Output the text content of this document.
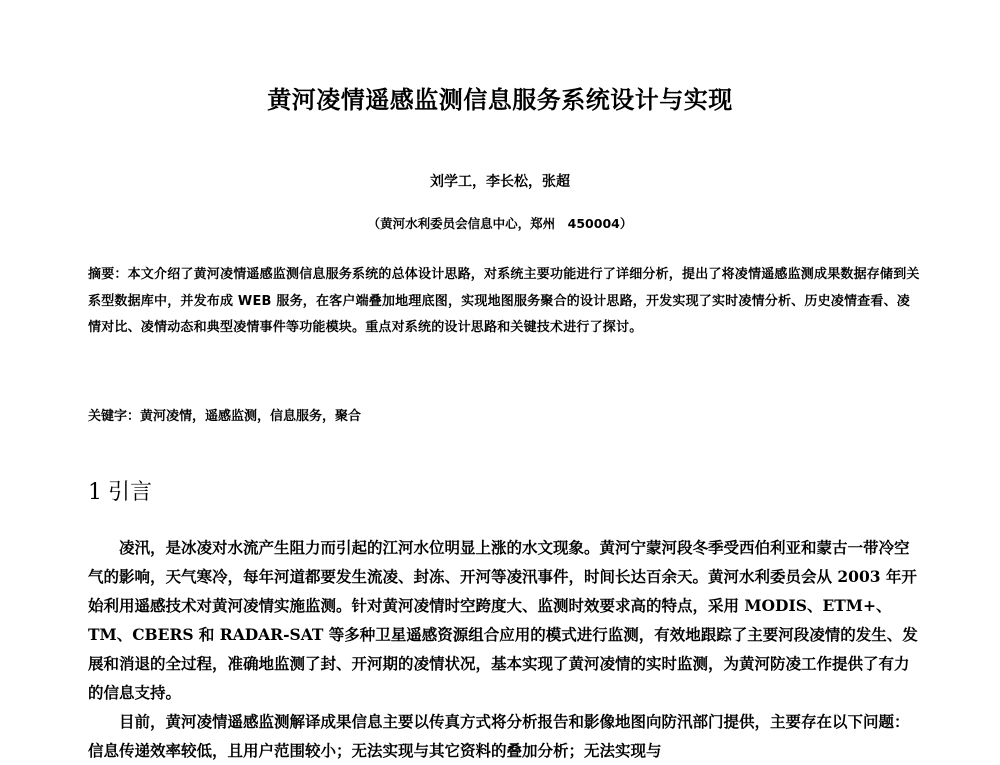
黄河凌情遥感监测信息服务系统设计与实现
刘学工，李长松，张超
（黄河水利委员会信息中心，郑州　450004）
摘要：本文介绍了黄河凌情遥感监测信息服务系统的总体设计思路，对系统主要功能进行了详细分析，提出了将凌情遥感监测成果数据存储到关系型数据库中，并发布成 WEB 服务，在客户端叠加地理底图，实现地图服务聚合的设计思路，开发实现了实时凌情分析、历史凌情查看、凌情对比、凌情动态和典型凌情事件等功能模块。重点对系统的设计思路和关键技术进行了探讨。
关键字：黄河凌情，遥感监测，信息服务，聚合
1 引言

凌汛，是冰凌对水流产生阻力而引起的江河水位明显上涨的水文现象。黄河宁蒙河段冬季受西伯利亚和蒙古一带冷空气的影响，天气寒冷，每年河道都要发生流凌、封冻、开河等凌汛事件，时间长达百余天。黄河水利委员会从 2003 年开始利用遥感技术对黄河凌情实施监测。针对黄河凌情时空跨度大、监测时效要求高的特点，采用 MODIS、ETM+、TM、CBERS 和 RADAR-SAT 等多种卫星遥感资源组合应用的模式进行监测，有效地跟踪了主要河段凌情的发生、发展和消退的全过程，准确地监测了封、开河期的凌情状况，基本实现了黄河凌情的实时监测，为黄河防凌工作提供了有力的信息支持。

目前，黄河凌情遥感监测解译成果信息主要以传真方式将分析报告和影像地图向防汛部门提供，主要存在以下问题：信息传递效率较低，且用户范围较小；无法实现与其它资料的叠加分析；无法实现与
